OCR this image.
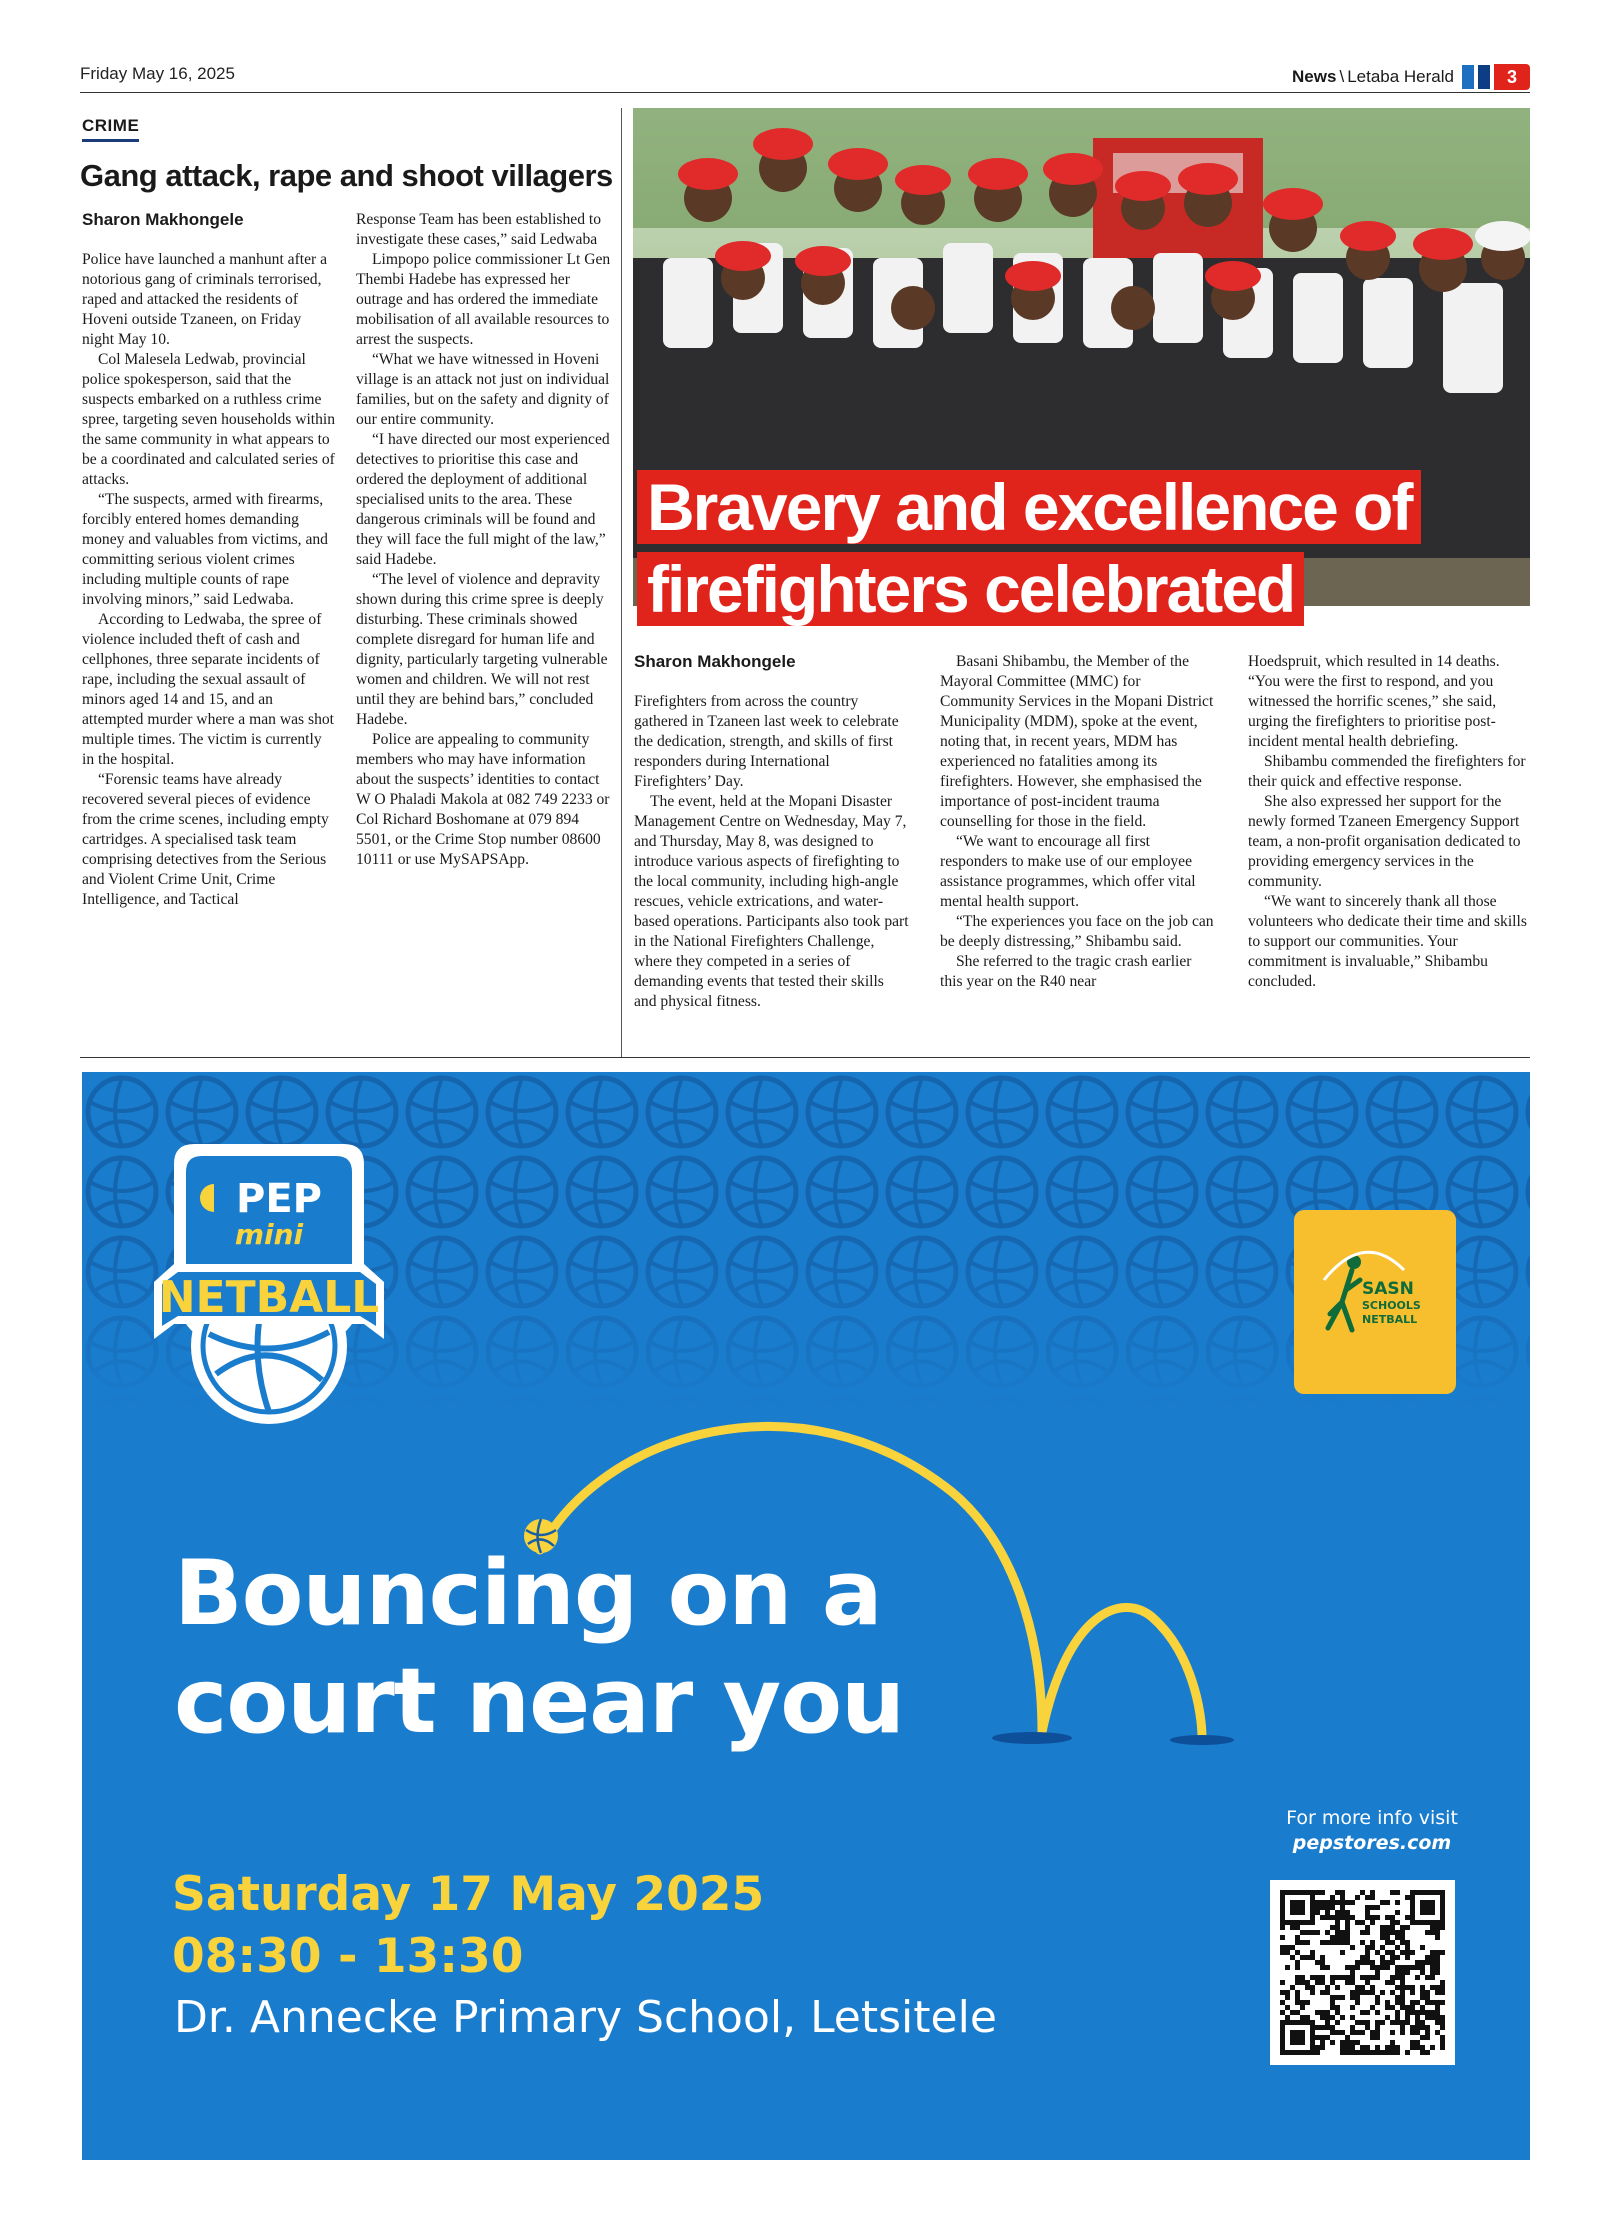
Friday May 16, 2025	News \ Letaba Herald	3
CRIME
Gang attack, rape and shoot villagers
Sharon Makhongele

Police have launched a manhunt after a notorious gang of criminals terrorised, raped and attacked the residents of Hoveni outside Tzaneen, on Friday night May 10.

Col Malesela Ledwab, provincial police spokesperson, said that the suspects embarked on a ruthless crime spree, targeting seven households within the same community in what appears to be a coordinated and calculated series of attacks.

“The suspects, armed with firearms, forcibly entered homes demanding money and valuables from victims, and committing serious violent crimes including multiple counts of rape involving minors,” said Ledwaba.

According to Ledwaba, the spree of violence included theft of cash and cellphones, three separate incidents of rape, including the sexual assault of minors aged 14 and 15, and an attempted murder where a man was shot multiple times. The victim is currently in the hospital.

“Forensic teams have already recovered several pieces of evidence from the crime scenes, including empty cartridges. A specialised task team comprising detectives from the Serious and Violent Crime Unit, Crime Intelligence, and Tactical

Response Team has been established to investigate these cases,” said Ledwaba

Limpopo police commissioner Lt Gen Thembi Hadebe has expressed her outrage and has ordered the immediate mobilisation of all available resources to arrest the suspects.

“What we have witnessed in Hoveni village is an attack not just on individual families, but on the safety and dignity of our entire community.

“I have directed our most experienced detectives to prioritise this case and ordered the deployment of additional specialised units to the area. These dangerous criminals will be found and they will face the full might of the law,” said Hadebe.

“The level of violence and depravity shown during this crime spree is deeply disturbing. These criminals showed complete disregard for human life and dignity, particularly targeting vulnerable women and children. We will not rest until they are behind bars,” concluded Hadebe.

Police are appealing to community members who may have information about the suspects’ identities to contact W O Phaladi Makola at 082 749 2233 or Col Richard Boshomane at 079 894 5501, or the Crime Stop number 08600 10111 or use MySAPSApp.

Bravery and excellence of firefighters celebrated
Sharon Makhongele

Firefighters from across the country gathered in Tzaneen last week to celebrate the dedication, strength, and skills of first responders during International Firefighters’ Day.

The event, held at the Mopani Disaster Management Centre on Wednesday, May 7, and Thursday, May 8, was designed to introduce various aspects of firefighting to the local community, including high-angle rescues, vehicle extrications, and water-based operations. Participants also took part in the National Firefighters Challenge, where they competed in a series of demanding events that tested their skills and physical fitness.

Basani Shibambu, the Member of the Mayoral Committee (MMC) for Community Services in the Mopani District Municipality (MDM), spoke at the event, noting that, in recent years, MDM has experienced no fatalities among its firefighters. However, she emphasised the importance of post-incident trauma counselling for those in the field.

“We want to encourage all first responders to make use of our employee assistance programmes, which offer vital mental health support.

“The experiences you face on the job can be deeply distressing,” Shibambu said.

She referred to the tragic crash earlier this year on the R40 near

Hoedspruit, which resulted in 14 deaths. “You were the first to respond, and you witnessed the horrific scenes,” she said, urging the firefighters to prioritise post-incident mental health debriefing.

Shibambu commended the firefighters for their quick and effective response.

She also expressed her support for the newly formed Tzaneen Emergency Support team, a non-profit organisation dedicated to providing emergency services in the community.

“We want to sincerely thank all those volunteers who dedicate their time and skills to support our communities. Your commitment is invaluable,” Shibambu concluded.

NETBALL
mini
PEP
SASN
SCHOOLS
NETBALL
Bouncing on a
court near you
Saturday 17 May 2025
08:30 - 13:30
Dr. Annecke Primary School, Letsitele
For more info visit
pepstores.com
